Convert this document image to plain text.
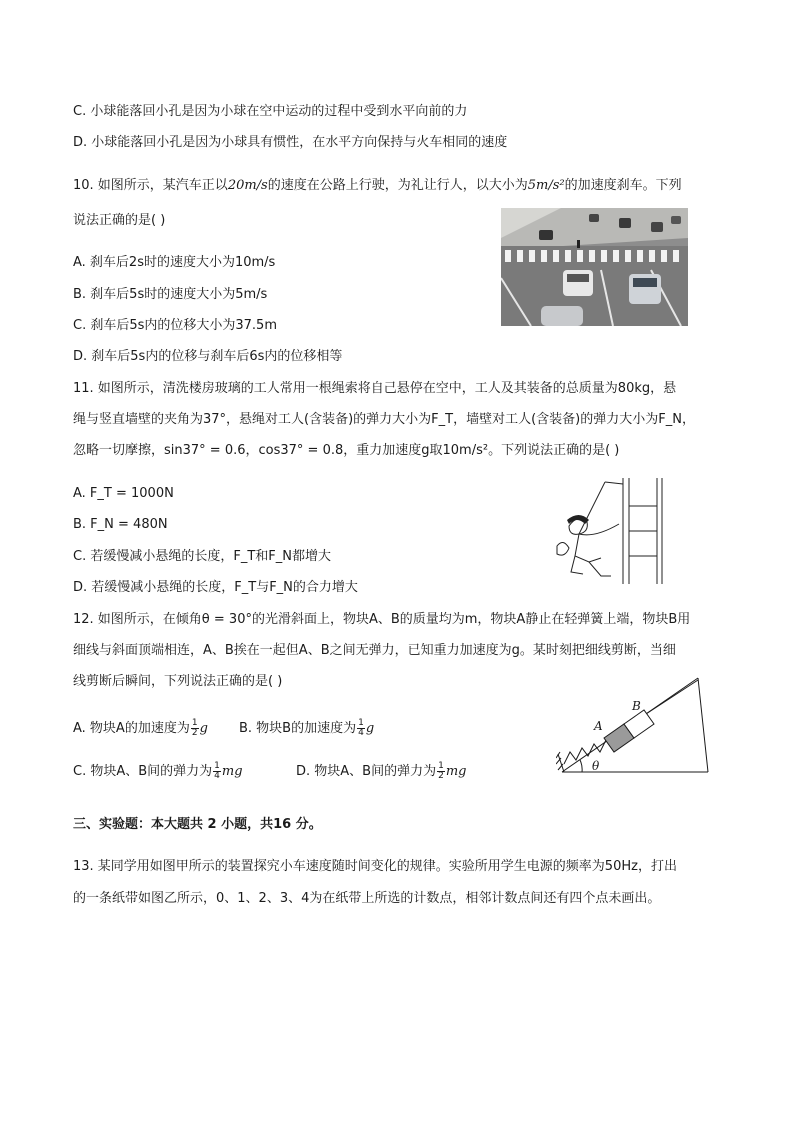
C. 小球能落回小孔是因为小球在空中运动的过程中受到水平向前的力
D. 小球能落回小孔是因为小球具有惯性，在水平方向保持与火车相同的速度
10. 如图所示，某汽车正以20m/s的速度在公路上行驶，为礼让行人，以大小为5m/s²的加速度刹车。下列
说法正确的是( )
A. 刹车后2s时的速度大小为10m/s
B. 刹车后5s时的速度大小为5m/s
C. 刹车后5s内的位移大小为37.5m
D. 刹车后5s内的位移与刹车后6s内的位移相等
11. 如图所示，清洗楼房玻璃的工人常用一根绳索将自己悬停在空中，工人及其装备的总质量为80kg，悬
绳与竖直墙壁的夹角为37°，悬绳对工人(含装备)的弹力大小为F_T，墙壁对工人(含装备)的弹力大小为F_N，
忽略一切摩擦，sin37° = 0.6，cos37° = 0.8，重力加速度g取10m/s²。下列说法正确的是( )
A. F_T = 1000N
B. F_N = 480N
C. 若缓慢减小悬绳的长度，F_T和F_N都增大
D. 若缓慢减小悬绳的长度，F_T与F_N的合力增大
12. 如图所示，在倾角θ = 30°的光滑斜面上，物块A、B的质量均为m，物块A静止在轻弹簧上端，物块B用
细线与斜面顶端相连，A、B挨在一起但A、B之间无弹力，已知重力加速度为g。某时刻把细线剪断，当细
线剪断后瞬间，下列说法正确的是( )
A. 物块A的加速度为 $\frac{1}{2}$ g B. 物块B的加速度为 $\frac{1}{4}$ g
C. 物块A、B间的弹力为 $\frac{1}{4}$ mg	D. 物块A、B间的弹力为 $\frac{1}{2}$ mg
A
B
θ
三、实验题：本大题共 2 小题，共16 分。
13. 某同学用如图甲所示的装置探究小车速度随时间变化的规律。实验所用学生电源的频率为50Hz，打出
的一条纸带如图乙所示，0、1、2、3、4为在纸带上所选的计数点，相邻计数点间还有四个点未画出。
